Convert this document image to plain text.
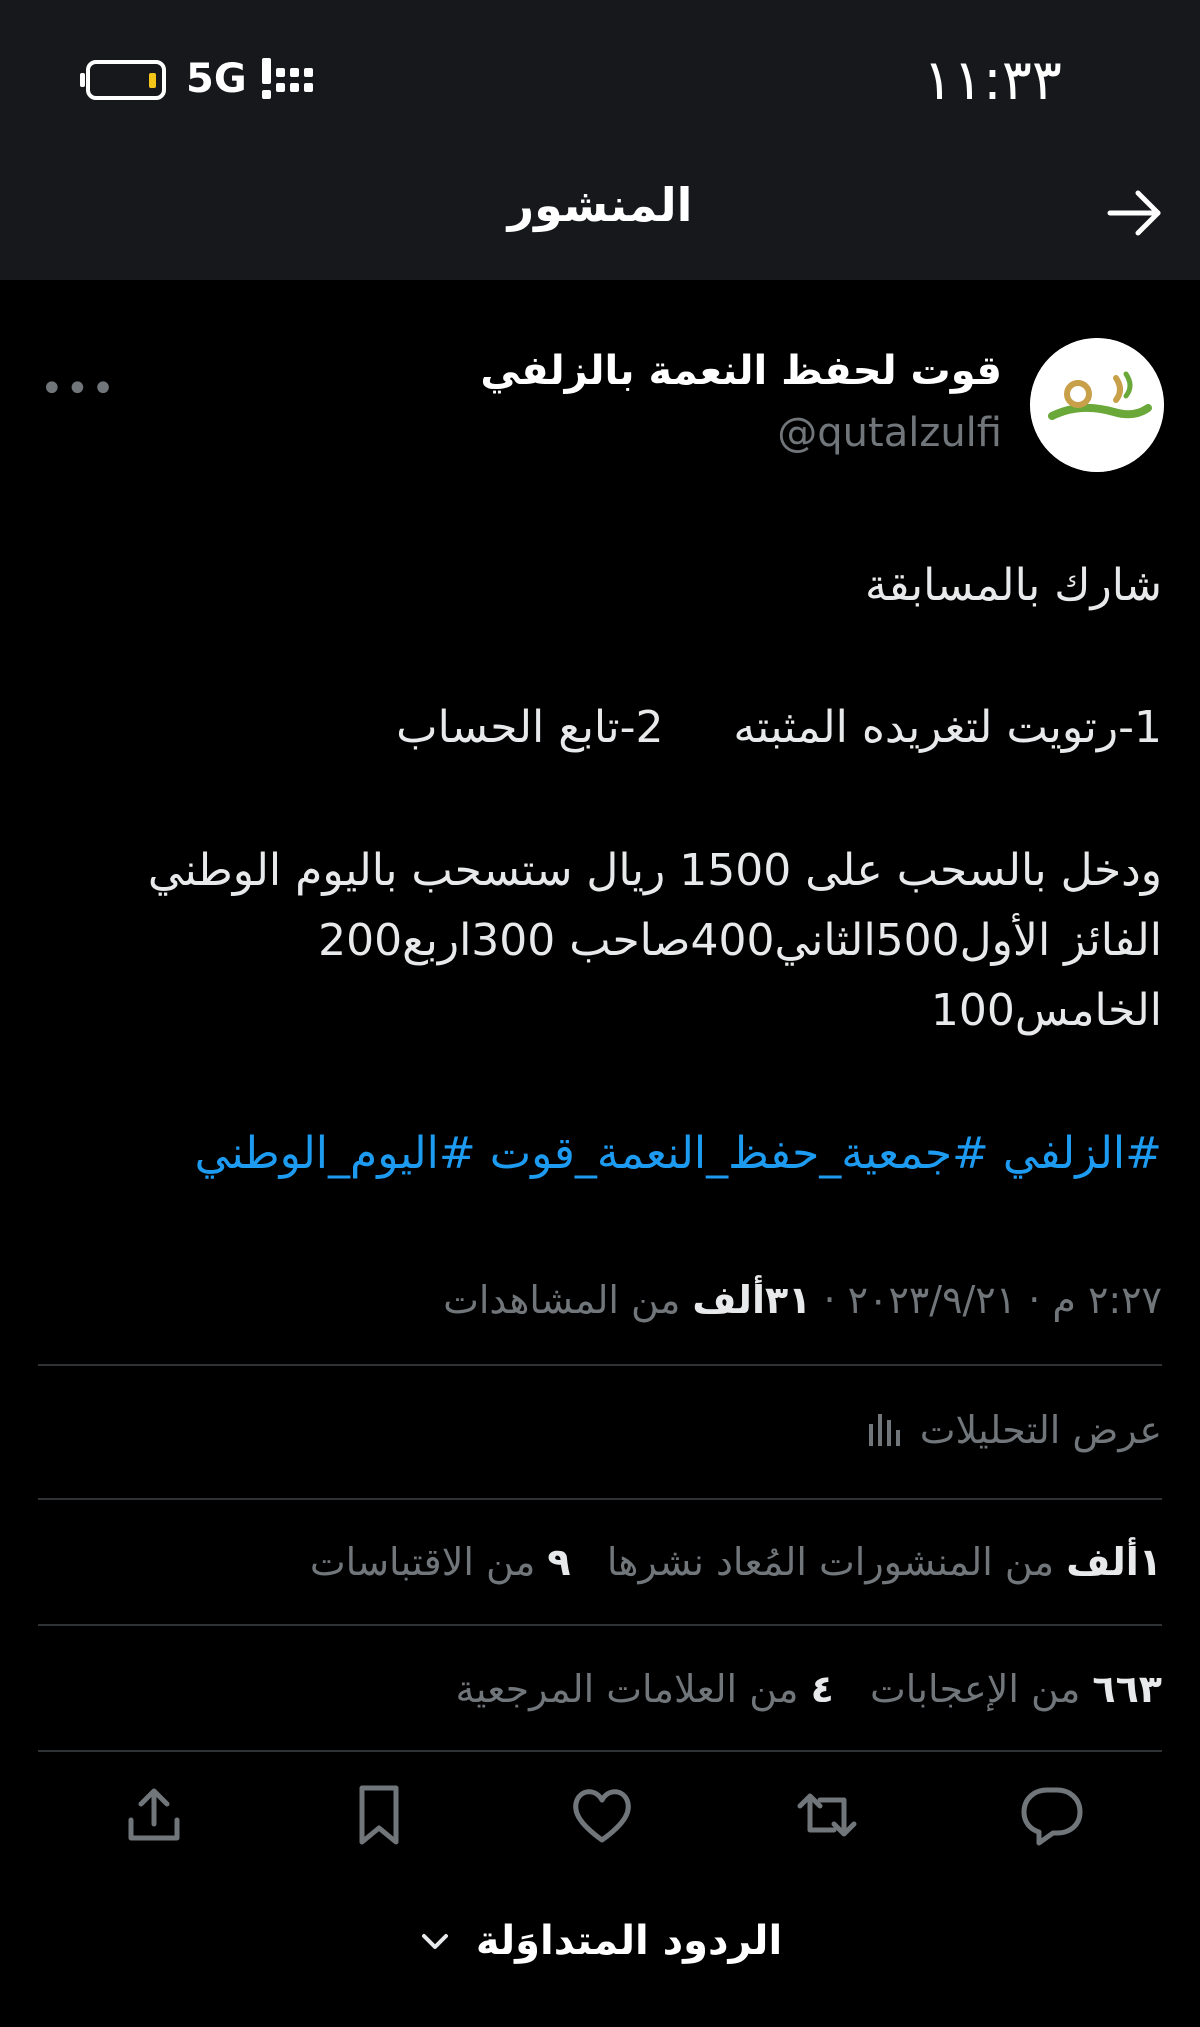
5G	١١:٣٣
المنشور
قوت لحفظ النعمة بالزلفي
@qutalzulfi
•••
شارك بالمسابقة
1-رتويت لتغريده المثبته     2-تابع الحساب
ودخل بالسحب على 1500 ريال ستسحب باليوم الوطني
الفائز الأول500الثاني400صاحب 300اربع200
الخامس100
#الزلفي #جمعية_حفظ_النعمة_قوت #اليوم_الوطني
٢:٢٧ م · ٢٠٢٣/٩/٢١ · ٣١ألف من المشاهدات
عرض التحليلات
١ألف من المنشورات المُعاد نشرها   ٩ من الاقتباسات
٦٦٣ من الإعجابات   ٤ من العلامات المرجعية
الردود المتداوَلة
